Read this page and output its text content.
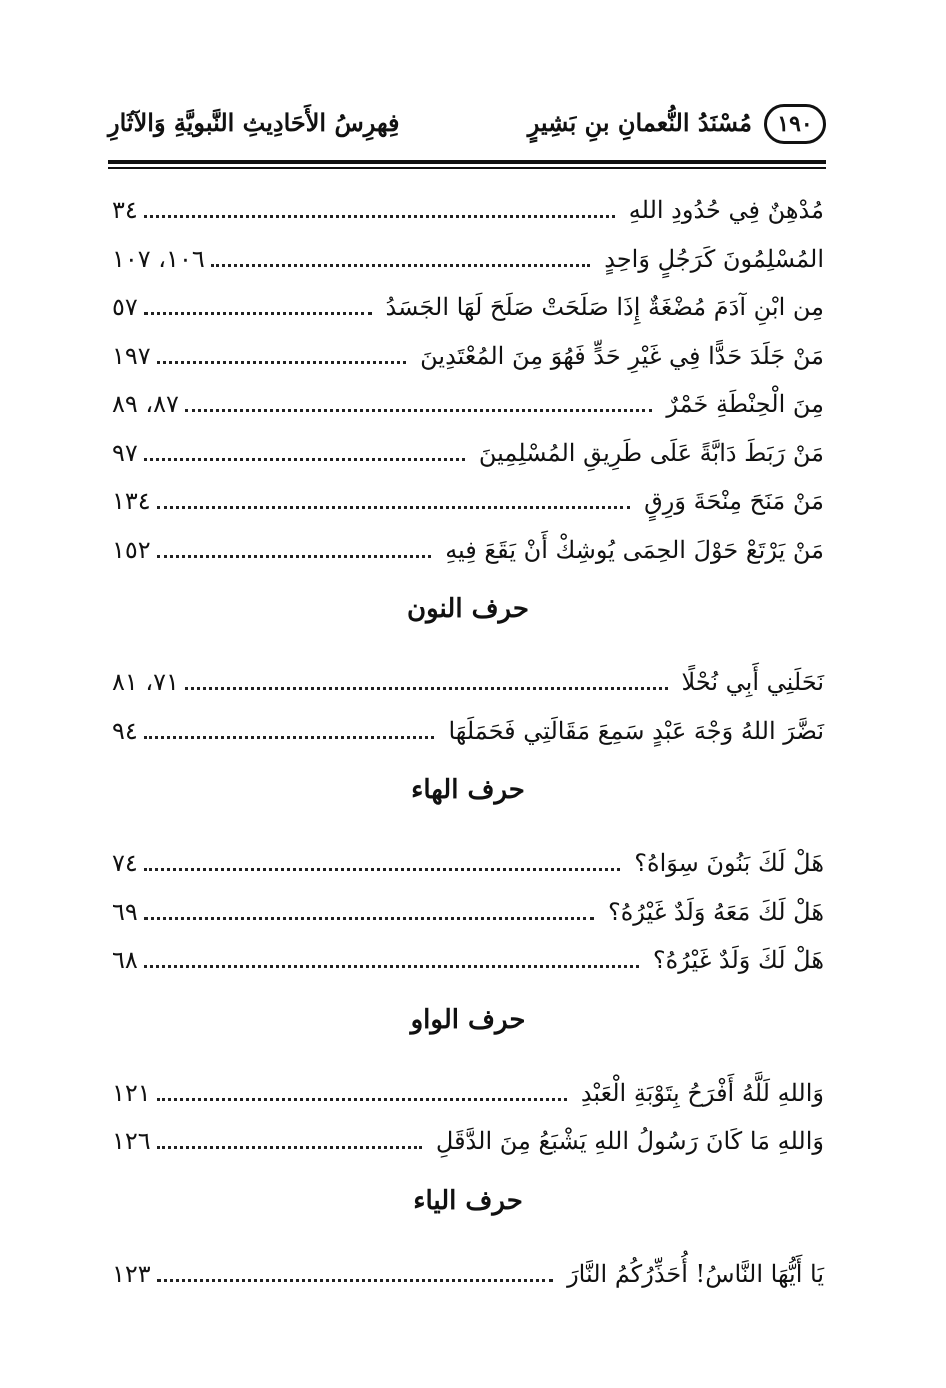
١٩٠
مُسْنَدُ النُّعمانِ بنِ بَشِيرٍ
فِهرِسُ الأَحَادِيثِ النَّبويَّةِ وَالآثَارِ
مُدْهِنٌ فِي حُدُودِ اللهِ
٣٤
المُسْلِمُونَ كَرَجُلٍ وَاحِدٍ
١٠٦، ١٠٧
مِن ابْنِ آدَمَ مُضْغَةٌ إِذَا صَلَحَتْ صَلَحَ لَهَا الجَسَدُ
٥٧
مَنْ جَلَدَ حَدًّا فِي غَيْرِ حَدٍّ فَهُوَ مِنَ المُعْتَدِينَ
١٩٧
مِنَ الْحِنْطَةِ خَمْرٌ
٨٧، ٨٩
مَنْ رَبَطَ دَابَّةً عَلَى طَرِيقِ المُسْلِمِينَ
٩٧
مَنْ مَنَحَ مِنْحَةَ وَرِقٍ
١٣٤
مَنْ يَرْتَعْ حَوْلَ الحِمَى يُوشِكْ أَنْ يَقَعَ فِيهِ
١٥٢
حرف النون
نَحَلَنِي أَبِي نُحْلًا
٧١، ٨١
نَضَّرَ اللهُ وَجْهَ عَبْدٍ سَمِعَ مَقَالَتِي فَحَمَلَهَا
٩٤
حرف الهاء
هَلْ لَكَ بَنُونَ سِوَاهُ؟
٧٤
هَلْ لَكَ مَعَهُ وَلَدٌ غَيْرُهُ؟
٦٩
هَلْ لَكَ وَلَدٌ غَيْرُهُ؟
٦٨
حرف الواو
وَاللهِ لَلَّهُ أَفْرَحُ بِتَوْبَةِ الْعَبْدِ
١٢١
وَاللهِ مَا كَانَ رَسُولُ اللهِ يَشْبَعُ مِنَ الدَّقَلِ
١٢٦
حرف الياء
يَا أَيُّهَا النَّاسُ! أُحَذِّرُكُمُ النَّارَ
١٢٣
